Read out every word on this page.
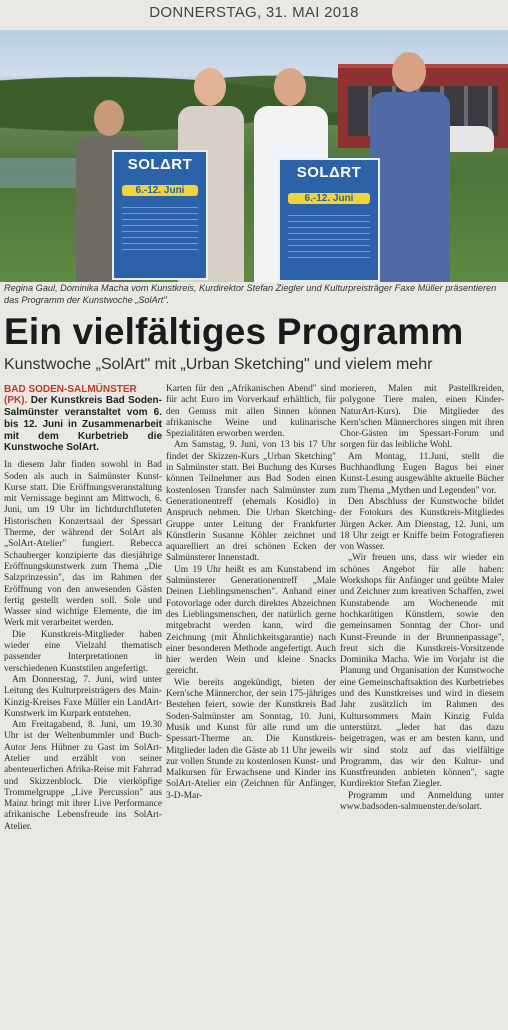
DONNERSTAG, 31. MAI 2018
SOLΔRT
6.-12. Juni
SOLΔRT
6.-12. Juni
Regina Gaul, Dominika Macha vom Kunstkreis, Kurdirektor Stefan Ziegler und Kulturpreisträger Faxe Müller präsentieren das Programm der Kunstwoche „SolArt".
Ein vielfältiges Programm
Kunstwoche „SolArt" mit „Urban Sketching" und vielem mehr
BAD SODEN-SALMÜNSTER
(PK). Der Kunstkreis Bad Soden-Salmünster veranstaltet vom 6. bis 12. Juni in Zusammenarbeit mit dem Kurbetrieb die Kunstwoche SolArt.

In diesem Jahr finden sowohl in Bad Soden als auch in Salmünster Kunst-Kurse statt. Die Eröffnungsveranstaltung mit Vernissage beginnt am Mittwoch, 6. Juni, um 19 Uhr im lichtdurchfluteten Historischen Konzertsaal der Spessart Therme, der während der SolArt als „SolArt-Atelier" fungiert. Rebecca Schauberger konzipierte das diesjährige Eröffnungskunstwerk zum Thema „Die Salzprinzessin", das im Rahmen der Eröffnung von den anwesenden Gästen fertig gestellt werden soll. Sole und Wasser sind wichtige Elemente, die im Werk mit verarbeitet werden.

Die Kunstkreis-Mitglieder haben wieder eine Vielzahl thematisch passender Interpretationen in verschiedenen Kunststilen angefertigt.

Am Donnerstag, 7. Juni, wird unter Leitung des Kulturpreisträgers des Main-Kinzig-Kreises Faxe Müller ein LandArt-Kunstwerk im Kurpark entstehen.

Am Freitagabend, 8. Juni, um 19.30 Uhr ist der Weltenbummler und Buch-Autor Jens Hübner zu Gast im SolArt-Atelier und erzählt von seiner abenteuerlichen Afrika-Reise mit Fahrrad und Skizzenblock. Die vierköpfige Trommelgruppe „Live Percussion" aus Mainz bringt mit ihrer Live Performance afrikanische Lebensfreude ins SolArt-Atelier.

Karten für den „Afrikanischen Abend" sind für acht Euro im Vorverkauf erhältlich, für den Genuss mit allen Sinnen können afrikanische Weine und kulinarische Spezialitäten erworben werden.

Am Samstag, 9. Juni, von 13 bis 17 Uhr findet der Skizzen-Kurs „Urban Sketching" in Salmünster statt. Bei Buchung des Kurses können Teilnehmer aus Bad Soden einen kostenlosen Transfer nach Salmünster zum Generationentreff (ehemals Kosidlo) in Anspruch nehmen. Die Urban Sketching-Gruppe unter Leitung der Frankfurter Künstlerin Susanne Köhler zeichnet und aquarelliert an drei schönen Ecken der Salmünsterer Innenstadt.

Um 19 Uhr heißt es am Kunstabend im Salmünsterer Generationentreff „Male Deinen Lieblingsmenschen". Anhand einer Fotovorlage oder durch direktes Abzeichnen des Lieblingsmenschen, der natürlich gerne mitgebracht werden kann, wird die Zeichnung (mit Ähnlichkeitsgarantie) nach einer besonderen Methode angefertigt. Auch hier werden Wein und kleine Snacks gereicht.

Wie bereits angekündigt, bieten der Kern'sche Männerchor, der sein 175-jähriges Bestehen feiert, sowie der Kunstkreis Bad Soden-Salmünster am Sonntag, 10. Juni, Musik und Kunst für alle rund um die Spessart-Therme an. Die Kunstkreis-Mitglieder laden die Gäste ab 11 Uhr jeweils zur vollen Stunde zu kostenlosen Kunst- und Malkursen für Erwachsene und Kinder ins SolArt-Atelier ein (Zeichnen für Anfänger, 3-D-Mar-

morieren, Malen mit Pastellkreiden, polygone Tiere malen, einen Kinder-NaturArt-Kurs). Die Mitglieder des Kern'schen Männerchores singen mit ihren Chor-Gästen im Spessart-Forum und sorgen für das leibliche Wohl.

Am Montag, 11.Juni, stellt die Buchhandlung Eugen Bagus bei einer Kunst-Lesung ausgewählte aktuelle Bücher zum Thema „Mythen und Legenden" vor.

Den Abschluss der Kunstwoche bildet der Fotokurs des Kunstkreis-Mitgliedes Jürgen Acker. Am Dienstag, 12. Juni, um 18 Uhr zeigt er Kniffe beim Fotografieren von Wasser.

„Wir freuen uns, dass wir wieder ein schönes Angebot für alle haben: Workshops für Anfänger und geübte Maler und Zeichner zum kreativen Schaffen, zwei Kunstabende am Wochenende mit hochkarätigen Künstlern, sowie den gemeinsamen Sonntag der Chor- und Kunst-Freunde in der Brunnenpassage", freut sich die Kunstkreis-Vorsitzende Dominika Macha. Wie im Vorjahr ist die Planung und Organisation der Kunstwoche eine Gemeinschaftsaktion des Kurbetriebes und des Kunstkreises und wird in diesem Jahr zusätzlich im Rahmen des Kultursommers Main Kinzig Fulda unterstützt. „Jeder hat das dazu beigetragen, was er am besten kann, und wir sind stolz auf das vielfältige Programm, das wir den Kultur- und Kunstfreunden anbieten können", sagte Kurdirektor Stefan Ziegler.

Programm und Anmeldung unter www.badsoden-salmuenster.de/solart.
